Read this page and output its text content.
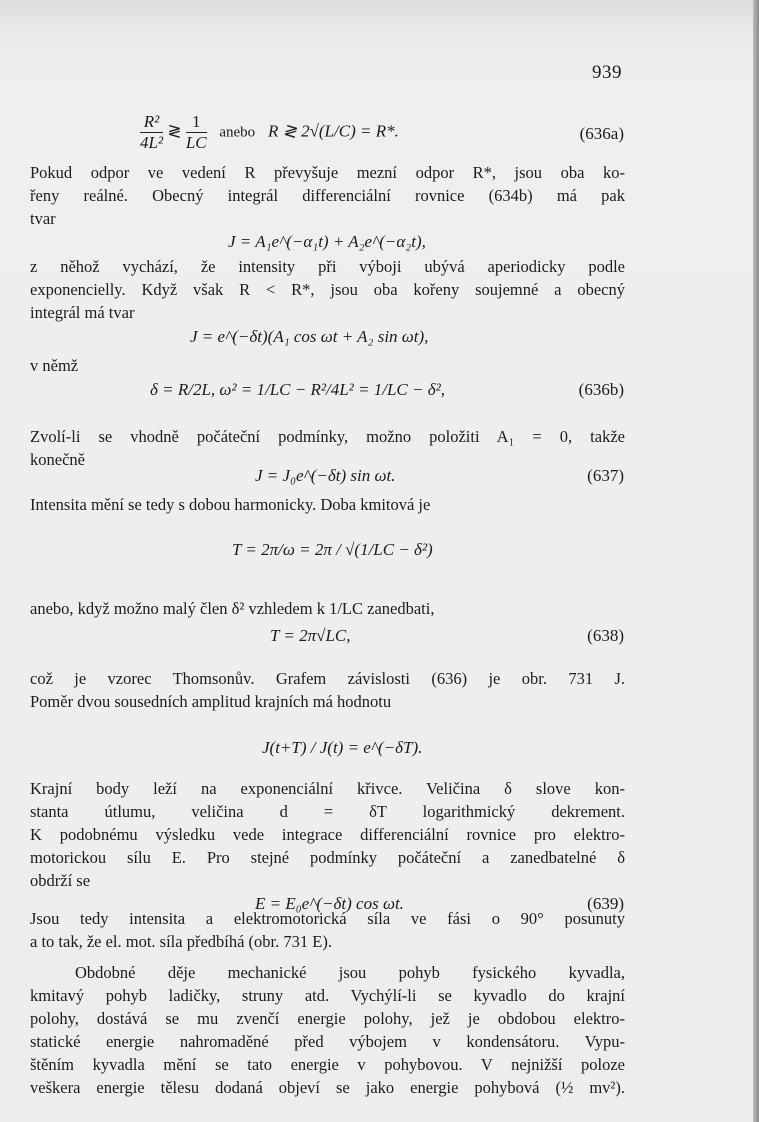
939
$\frac{\text{R²}}{\text{4L²}}$ ≷ $\frac{1}{LC}$ anebo R ≷ 2√(L/C) = R*.	(636a)
Pokud odpor ve vedení R převyšuje mezní odpor R*, jsou oba ko-
řeny reálné. Obecný integrál differenciální rovnice (634b) má pak
tvar
J = A₁e^(−α₁t) + A₂e^(−α₂t),
z něhož vychází, že intensity při výboji ubývá aperiodicky podle
exponencielly. Když však R < R*, jsou oba kořeny soujemné a obecný
integrál má tvar
J = e^(−δt)(A₁ cos ωt + A₂ sin ωt),
v němž
δ = R/2L, ω² = 1/LC − R²/4L² = 1/LC − δ²,	(636b)
Zvolí-li se vhodně počáteční podmínky, možno položiti A₁ = 0, takže
konečně
J = J₀e^(−δt) sin ωt.	(637)
Intensita mění se tedy s dobou harmonicky. Doba kmitová je
T = 2π/ω = 2π / √(1/LC − δ²)
anebo, když možno malý člen δ² vzhledem k 1/LC zanedbati,
T = 2π√LC,	(638)
což je vzorec Thomsonův. Grafem závislosti (636) je obr. 731 J.
Poměr dvou sousedních amplitud krajních má hodnotu
J(t+T) / J(t) = e^(−δT).
Krajní body leží na exponenciální křivce. Veličina δ slove kon-
stanta útlumu, veličina d = δT logarithmický dekrement.
K podobnému výsledku vede integrace differenciální rovnice pro elektro-
motorickou sílu E. Pro stejné podmínky počáteční a zanedbatelné δ
obdrží se
E = E₀e^(−δt) cos ωt.	(639)
Jsou tedy intensita a elektromotorická síla ve fási o 90° posunuty
a to tak, že el. mot. síla předbíhá (obr. 731 E).
Obdobné děje mechanické jsou pohyb fysického kyvadla,
kmitavý pohyb ladičky, struny atd. Vychýlí-li se kyvadlo do krajní
polohy, dostává se mu zvenčí energie polohy, jež je obdobou elektro-
statické energie nahromaděné před výbojem v kondensátoru. Vypu-
štěním kyvadla mění se tato energie v pohybovou. V nejnižší poloze
veškera energie tělesu dodaná objeví se jako energie pohybová (½ mv²).
